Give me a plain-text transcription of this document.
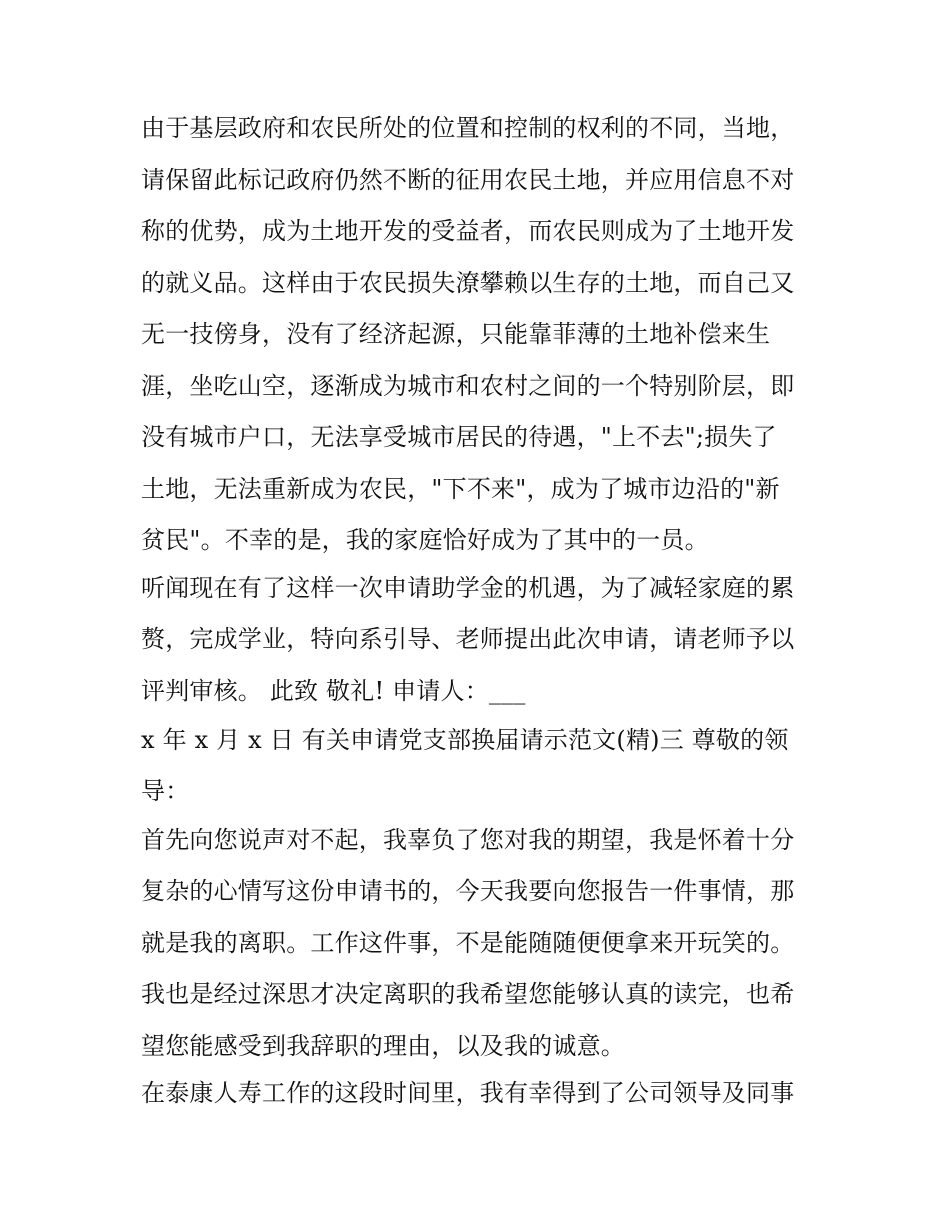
由于基层政府和农民所处的位置和控制的权利的不同，当地，
请保留此标记政府仍然不断的征用农民土地，并应用信息不对
称的优势，成为土地开发的受益者，而农民则成为了土地开发
的就义品。这样由于农民损失潦攀赖以生存的土地，而自己又
无一技傍身，没有了经济起源，只能靠菲薄的土地补偿来生
涯，坐吃山空，逐渐成为城市和农村之间的一个特别阶层，即
没有城市户口，无法享受城市居民的待遇，"上不去";损失了
土地，无法重新成为农民，"下不来"，成为了城市边沿的"新
贫民"。不幸的是，我的家庭恰好成为了其中的一员。
听闻现在有了这样一次申请助学金的机遇，为了减轻家庭的累
赘，完成学业，特向系引导、老师提出此次申请，请老师予以
评判审核。 此致 敬礼! 申请人：___
x 年 x 月 x 日 有关申请党支部换届请示范文(精)三 尊敬的领
导：
首先向您说声对不起，我辜负了您对我的期望，我是怀着十分
复杂的心情写这份申请书的，今天我要向您报告一件事情，那
就是我的离职。工作这件事，不是能随随便便拿来开玩笑的。
我也是经过深思才决定离职的我希望您能够认真的读完，也希
望您能感受到我辞职的理由，以及我的诚意。
在泰康人寿工作的这段时间里，我有幸得到了公司领导及同事
